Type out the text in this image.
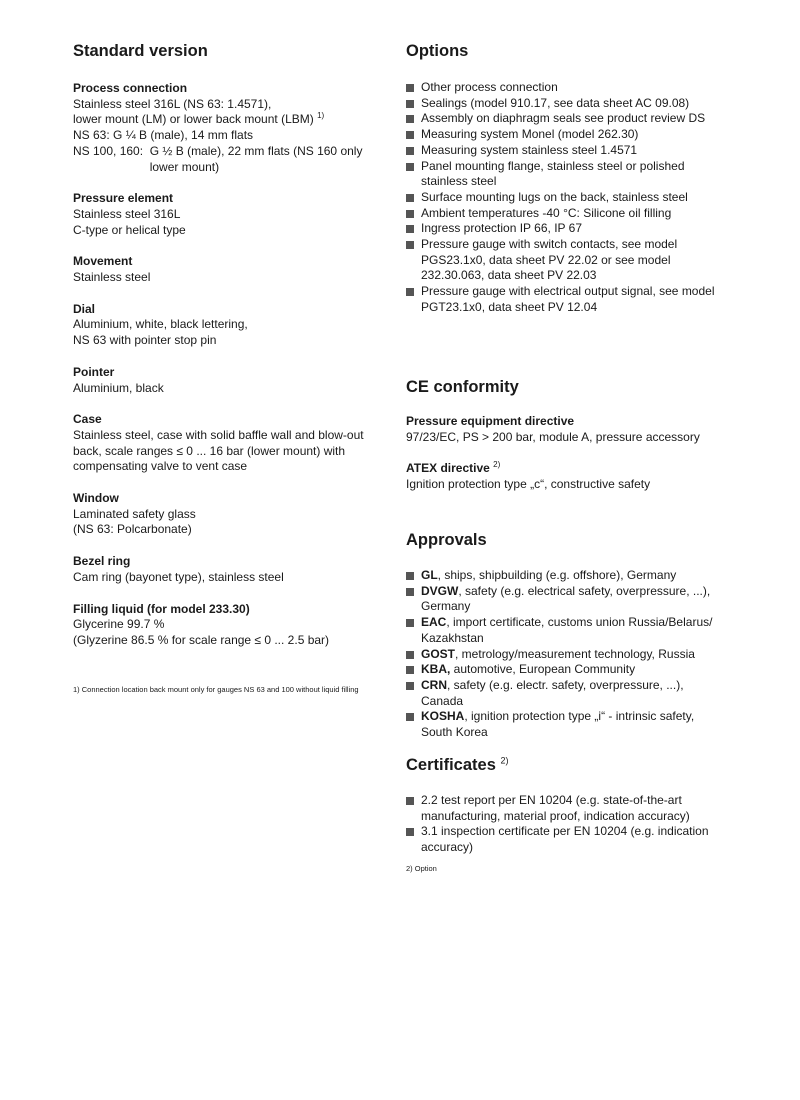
Standard version
Process connection
Stainless steel 316L (NS 63: 1.4571),
lower mount (LM) or lower back mount (LBM) $^{1)}$
NS 63: G ¼ B (male), 14 mm flats
NS 100, 160: G ½ B (male), 22 mm flats (NS 160 only lower mount)
Pressure element
Stainless steel 316L
C-type or helical type
Movement
Stainless steel
Dial
Aluminium, white, black lettering,
NS 63 with pointer stop pin
Pointer
Aluminium, black
Case
Stainless steel, case with solid baffle wall and blow-out back, scale ranges ≤ 0 ... 16 bar (lower mount) with compensating valve to vent case
Window
Laminated safety glass
(NS 63: Polcarbonate)
Bezel ring
Cam ring (bayonet type), stainless steel
Filling liquid (for model 233.30)
Glycerine 99.7 %
(Glyzerine 86.5 % for scale range ≤ 0 ... 2.5 bar)
1) Connection location back mount only for gauges NS 63 and 100 without liquid filling
Options
Other process connection
Sealings (model 910.17, see data sheet AC 09.08)
Assembly on diaphragm seals see product review DS
Measuring system Monel (model 262.30)
Measuring system stainless steel 1.4571
Panel mounting flange, stainless steel or polished stainless steel
Surface mounting lugs on the back, stainless steel
Ambient temperatures -40 °C: Silicone oil filling
Ingress protection IP 66, IP 67
Pressure gauge with switch contacts, see model PGS23.1x0, data sheet PV 22.02 or see model 232.30.063, data sheet PV 22.03
Pressure gauge with electrical output signal, see model PGT23.1x0, data sheet PV 12.04
CE conformity
Pressure equipment directive
97/23/EC, PS > 200 bar, module A, pressure accessory
ATEX directive $^{2)}$
Ignition protection type „c“, constructive safety
Approvals
GL, ships, shipbuilding (e.g. offshore), Germany
DVGW, safety (e.g. electrical safety, overpressure, ...), Germany
EAC, import certificate, customs union Russia/Belarus/ Kazakhstan
GOST, metrology/measurement technology, Russia
KBA, automotive, European Community
CRN, safety (e.g. electr. safety, overpressure, ...), Canada
KOSHA, ignition protection type „i“ - intrinsic safety, South Korea
Certificates $^{2)}$
2.2 test report per EN 10204 (e.g. state-of-the-art manufacturing, material proof, indication accuracy)
3.1 inspection certificate per EN 10204 (e.g. indication accuracy)
2) Option
